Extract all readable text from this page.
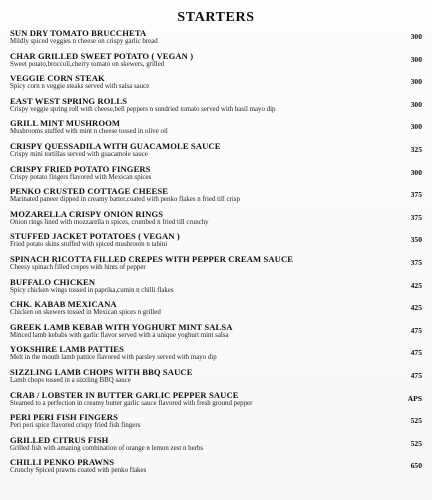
STARTERS
SUN DRY TOMATO BRUCCHETA
Mildly spiced veggies n cheese on crispy garlic bread
300
CHAR GRILLED SWEET POTATO ( VEGAN )
Sweet potato,broccoli,cherry tomato on skewers, grilled
300
VEGGIE CORN STEAK
Spicy corn n veggie steaks served with salsa sauce
300
EAST WEST SPRING ROLLS
Crispy veggie spring roll with cheese,bell peppers n sundried tomato served with basil mayo dip
300
GRILL MINT MUSHROOM
Mushrooms stuffed with mint n cheese tossed in olive oil
300
CRISPY QUESSADILA WITH GUACAMOLE SAUCE
Crispy mini tortillas served with guacamole sauce
325
CRISPY FRIED POTATO FINGERS
Crispy potato fingers flavored with Mexican spices
300
PENKO CRUSTED COTTAGE CHEESE
Marinated paneer dipped in creamy batter,coated with penko flakes n fried till crisp
375
MOZARELLA CRISPY ONION RINGS
Onion rings lined with mozzarella n spices, crumbed n fried till crunchy
375
STUFFED JACKET POTATOES ( VEGAN )
Fried potato skins stuffed with spiced mushroom n tahini
350
SPINACH RICOTTA FILLED CREPES WITH PEPPER CREAM SAUCE
Cheesy spinach filled crepes with hints of pepper
375
BUFFALO CHICKEN
Spicy chicken wings tossed in paprika,cumin n chilli flakes
425
CHK. KABAB MEXICANA
Chicken on skewers tossed in Mexican spices n grilled
425
GREEK LAMB KEBAB WITH YOGHURT MINT SALSA
Minced lamb kebabs with garlic flavor served with a unique yoghurt mint salsa
475
YOKSHIRE LAMB PATTIES
Melt in the mouth lamb pattice flavored with parsley served with mayo dip
475
SIZZLING LAMB CHOPS WITH BBQ SAUCE
Lamb chops tossed in a sizzling BBQ sauce
475
CRAB / LOBSTER IN BUTTER GARLIC PEPPER SAUCE
Steamed to a perfection in creamy butter garlic sauce flavored with fresh ground pepper
APS
PERI PERI FISH FINGERS
Peri peri spice flavored crispy fried fish fingers
525
GRILLED CITRUS FISH
Grilled fish with amazing combination of orange n lemon zest n herbs
525
CHILLI PENKO PRAWNS
Crunchy Spiced prawns coated with penko flakes
650
